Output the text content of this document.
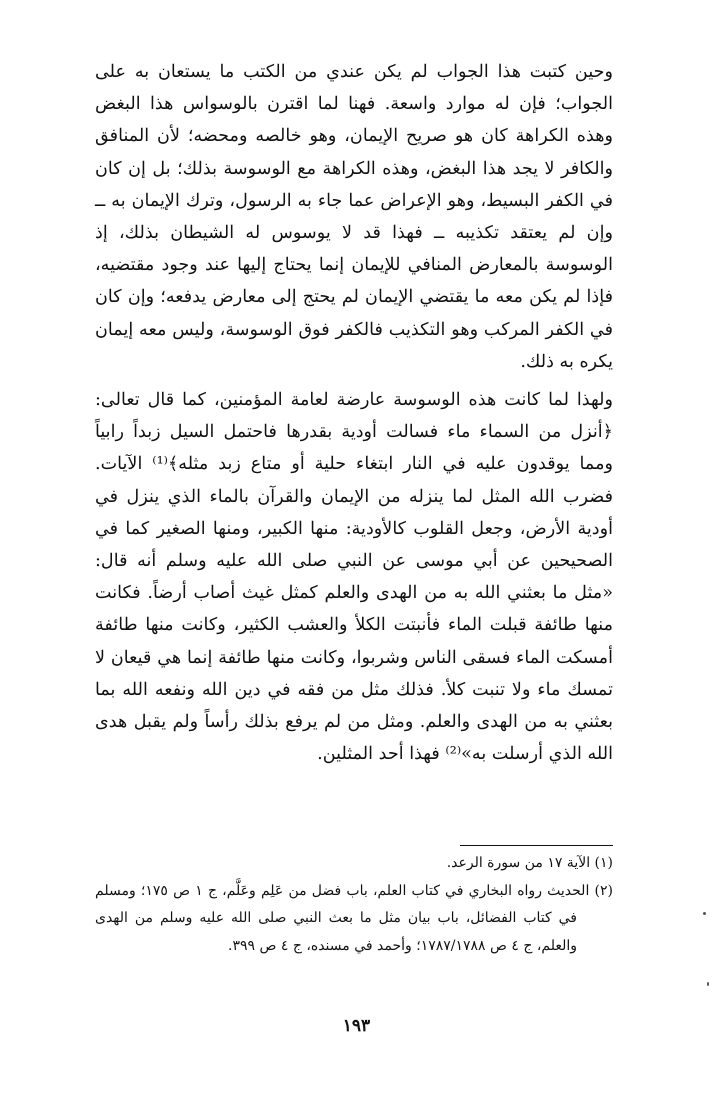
وحين كتبت هذا الجواب لم يكن عندي من الكتب ما يستعان به على الجواب؛ فإن له موارد واسعة. فهنا لما اقترن بالوسواس هذا البغض وهذه الكراهة كان هو صريح الإيمان، وهو خالصه ومحضه؛ لأن المنافق والكافر لا يجد هذا البغض، وهذه الكراهة مع الوسوسة بذلك؛ بل إن كان في الكفر البسيط، وهو الإعراض عما جاء به الرسول، وترك الإيمان به ــ وإن لم يعتقد تكذيبه ــ فهذا قد لا يوسوس له الشيطان بذلك، إذ الوسوسة بالمعارض المنافي للإيمان إنما يحتاج إليها عند وجود مقتضيه، فإذا لم يكن معه ما يقتضي الإيمان لم يحتج إلى معارض يدفعه؛ وإن كان في الكفر المركب وهو التكذيب فالكفر فوق الوسوسة، وليس معه إيمان يكره به ذلك.

ولهذا لما كانت هذه الوسوسة عارضة لعامة المؤمنين، كما قال تعالى: ﴿أنزل من السماء ماء فسالت أودية بقدرها فاحتمل السيل زبداً رابياً ومما يوقدون عليه في النار ابتغاء حلية أو متاع زبد مثله﴾⁽¹⁾ الآيات. فضرب الله المثل لما ينزله من الإيمان والقرآن بالماء الذي ينزل في أودية الأرض، وجعل القلوب كالأودية: منها الكبير، ومنها الصغير كما في الصحيحين عن أبي موسى عن النبي صلى الله عليه وسلم أنه قال: «مثل ما بعثني الله به من الهدى والعلم كمثل غيث أصاب أرضاً. فكانت منها طائفة قبلت الماء فأنبتت الكلأ والعشب الكثير، وكانت منها طائفة أمسكت الماء فسقى الناس وشربوا، وكانت منها طائفة إنما هي قيعان لا تمسك ماء ولا تنبت كلأ. فذلك مثل من فقه في دين الله ونفعه الله بما بعثني به من الهدى والعلم. ومثل من لم يرفع بذلك رأساً ولم يقبل هدى الله الذي أرسلت به»⁽²⁾ فهذا أحد المثلين.

(١) الآية ١٧ من سورة الرعد.

(٢) الحديث رواه البخاري في كتاب العلم، باب فضل من عَلِم وعَلَّم، ج ١ ص ١٧٥؛ ومسلم في كتاب الفضائل، باب بيان مثل ما بعث النبي صلى الله عليه وسلم من الهدى والعلم، ج ٤ ص ١٧٨٧/١٧٨٨؛ وأحمد في مسنده، ج ٤ ص ٣٩٩.

١٩٣
